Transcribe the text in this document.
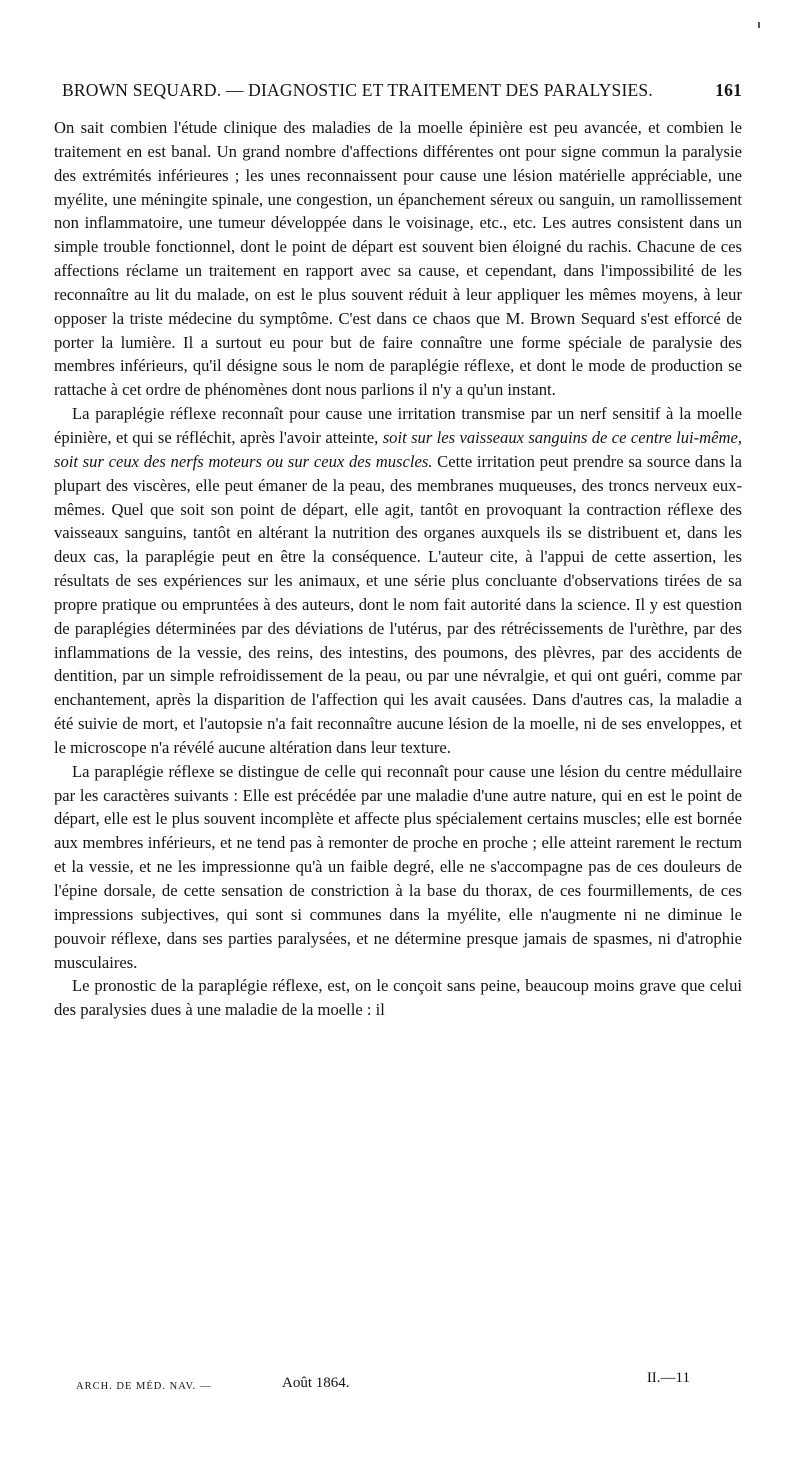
BROWN SEQUARD. — DIAGNOSTIC ET TRAITEMENT DES PARALYSIES.	161

On sait combien l'étude clinique des maladies de la moelle épinière est peu avancée, et combien le traitement en est banal. Un grand nombre d'affections différentes ont pour signe commun la paralysie des extrémités inférieures ; les unes reconnaissent pour cause une lésion matérielle appréciable, une myélite, une méningite spinale, une congestion, un épanchement séreux ou sanguin, un ramollissement non inflammatoire, une tumeur développée dans le voisinage, etc., etc. Les autres consistent dans un simple trouble fonctionnel, dont le point de départ est souvent bien éloigné du rachis. Chacune de ces affections réclame un traitement en rapport avec sa cause, et cependant, dans l'impossibilité de les reconnaître au lit du malade, on est le plus souvent réduit à leur appliquer les mêmes moyens, à leur opposer la triste médecine du symptôme. C'est dans ce chaos que M. Brown Sequard s'est efforcé de porter la lumière. Il a surtout eu pour but de faire connaître une forme spéciale de paralysie des membres inférieurs, qu'il désigne sous le nom de paraplégie réflexe, et dont le mode de production se rattache à cet ordre de phénomènes dont nous parlions il n'y a qu'un instant.

La paraplégie réflexe reconnaît pour cause une irritation transmise par un nerf sensitif à la moelle épinière, et qui se réfléchit, après l'avoir atteinte, soit sur les vaisseaux sanguins de ce centre lui-même, soit sur ceux des nerfs moteurs ou sur ceux des muscles. Cette irritation peut prendre sa source dans la plupart des viscères, elle peut émaner de la peau, des membranes muqueuses, des troncs nerveux eux-mêmes. Quel que soit son point de départ, elle agit, tantôt en provoquant la contraction réflexe des vaisseaux sanguins, tantôt en altérant la nutrition des organes auxquels ils se distribuent et, dans les deux cas, la paraplégie peut en être la conséquence. L'auteur cite, à l'appui de cette assertion, les résultats de ses expériences sur les animaux, et une série plus concluante d'observations tirées de sa propre pratique ou empruntées à des auteurs, dont le nom fait autorité dans la science. Il y est question de paraplégies déterminées par des déviations de l'utérus, par des rétrécissements de l'urèthre, par des inflammations de la vessie, des reins, des intestins, des poumons, des plèvres, par des accidents de dentition, par un simple refroidissement de la peau, ou par une névralgie, et qui ont guéri, comme par enchantement, après la disparition de l'affection qui les avait causées. Dans d'autres cas, la maladie a été suivie de mort, et l'autopsie n'a fait reconnaître aucune lésion de la moelle, ni de ses enveloppes, et le microscope n'a révélé aucune altération dans leur texture.

La paraplégie réflexe se distingue de celle qui reconnaît pour cause une lésion du centre médullaire par les caractères suivants : Elle est précédée par une maladie d'une autre nature, qui en est le point de départ, elle est le plus souvent incomplète et affecte plus spécialement certains muscles; elle est bornée aux membres inférieurs, et ne tend pas à remonter de proche en proche ; elle atteint rarement le rectum et la vessie, et ne les impressionne qu'à un faible degré, elle ne s'accompagne pas de ces douleurs de l'épine dorsale, de cette sensation de constriction à la base du thorax, de ces fourmillements, de ces impressions subjectives, qui sont si communes dans la myélite, elle n'augmente ni ne diminue le pouvoir réflexe, dans ses parties paralysées, et ne détermine presque jamais de spasmes, ni d'atrophie musculaires.

Le pronostic de la paraplégie réflexe, est, on le conçoit sans peine, beaucoup moins grave que celui des paralysies dues à une maladie de la moelle : il

ARCH. DE MÉD. NAV. —	Août 1864.	II.—11
